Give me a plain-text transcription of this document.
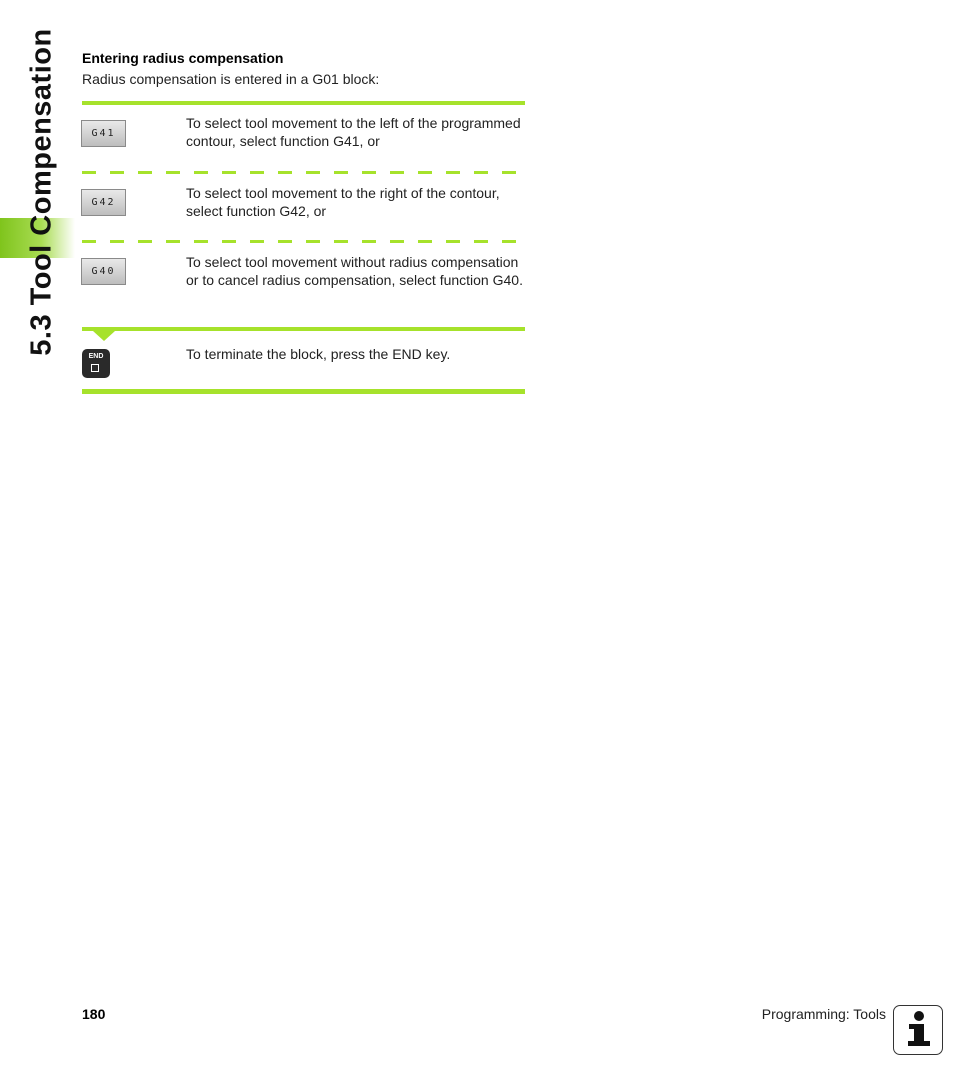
5.3 Tool Compensation Entering radius compensation
Radius compensation is entered in a G01 block:
G41
To select tool movement to the left of the programmed contour, select function G41, or
G42
To select tool movement to the right of the contour, select function G42, or
G40
To select tool movement without radius compensation or to cancel radius compensation, select function G40.
END	To terminate the block, press the END key.
180	Programming: Tools
